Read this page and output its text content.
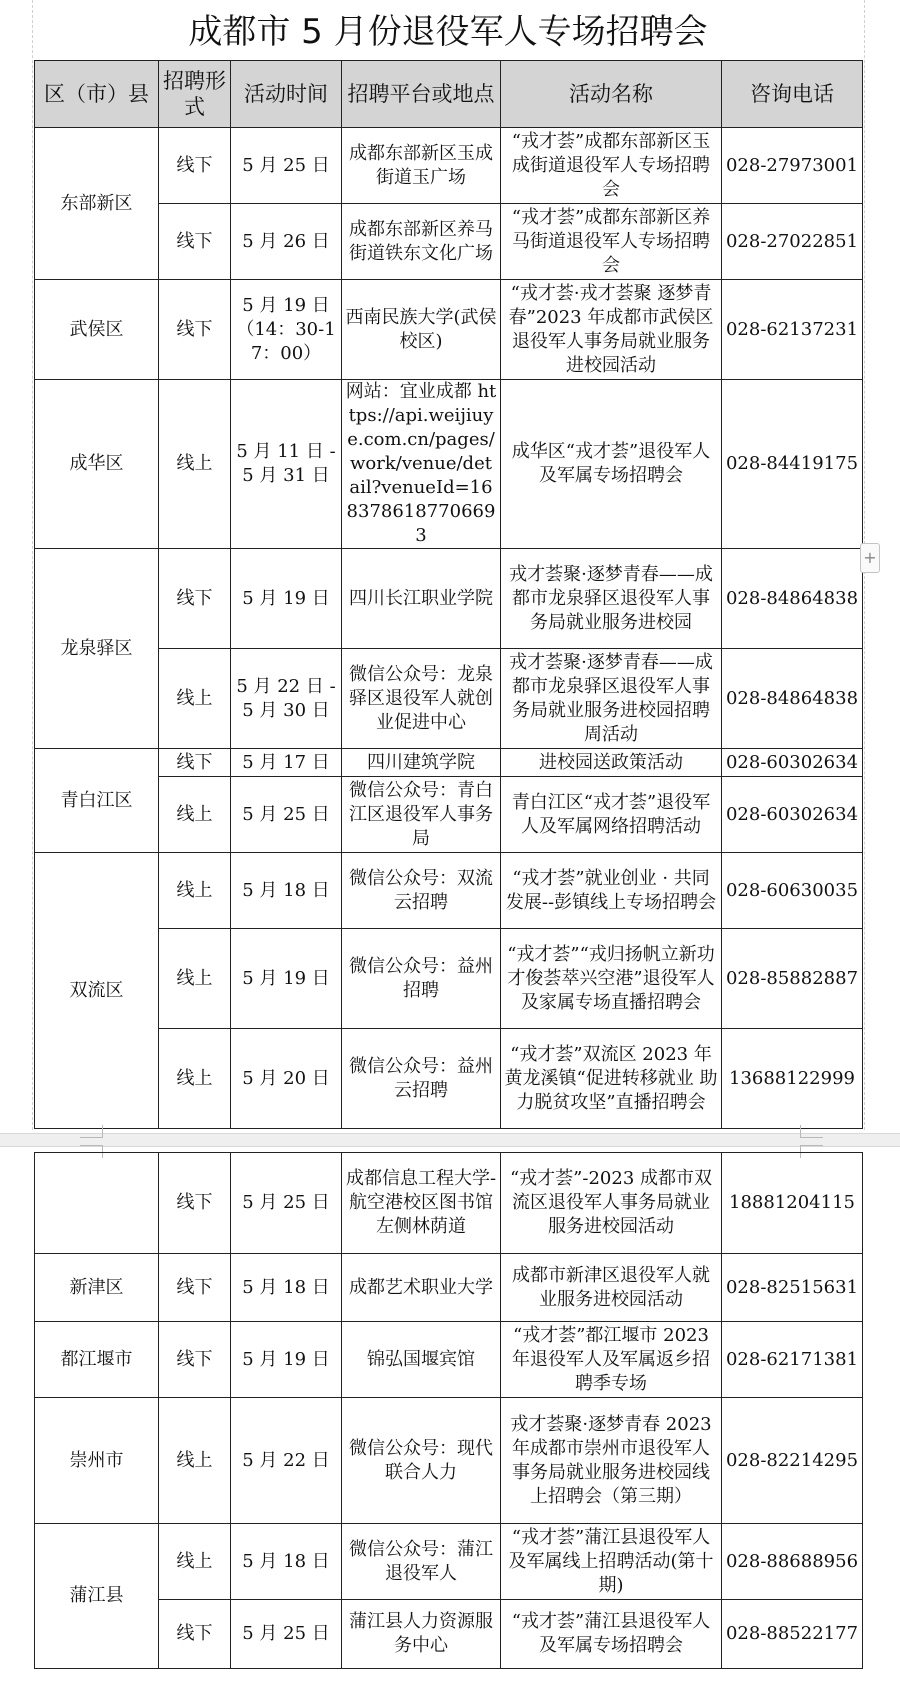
成都市 5 月份退役军人专场招聘会
区（市）县	招聘形式	活动时间	招聘平台或地点	活动名称	咨询电话
东部新区	线下	5 月 25 日	成都东部新区玉成街道玉广场	“戎才荟”成都东部新区玉成街道退役军人专场招聘会	028-27973001
	线下	5 月 26 日	成都东部新区养马街道铁东文化广场	“戎才荟”成都东部新区养马街道退役军人专场招聘会	028-27022851
武侯区	线下	5 月 19 日（14：30-17：00）	西南民族大学(武侯校区)	“戎才荟·戎才荟聚 逐梦青春”2023 年成都市武侯区退役军人事务局就业服务进校园活动	028-62137231
成华区	线上	5 月 11 日 -5 月 31 日	网站：宜业成都 https://api.weijiuye.com.cn/pages/work/venue/detail?venueId=1683786187706693	成华区“戎才荟”退役军人及军属专场招聘会	028-84419175
龙泉驿区	线下	5 月 19 日	四川长江职业学院	戎才荟聚·逐梦青春——成都市龙泉驿区退役军人事务局就业服务进校园	028-84864838
	线上	5 月 22 日 -5 月 30 日	微信公众号：龙泉驿区退役军人就创业促进中心	戎才荟聚·逐梦青春——成都市龙泉驿区退役军人事务局就业服务进校园招聘周活动	028-84864838
青白江区	线下	5 月 17 日	四川建筑学院	进校园送政策活动	028-60302634
	线上	5 月 25 日	微信公众号：青白江区退役军人事务局	青白江区“戎才荟”退役军人及军属网络招聘活动	028-60302634
双流区	线上	5 月 18 日	微信公众号：双流云招聘	“戎才荟”就业创业 · 共同发展--彭镇线上专场招聘会	028-60630035
	线上	5 月 19 日	微信公众号：益州招聘	“戎才荟”“戎归扬帆立新功　才俊荟萃兴空港”退役军人及家属专场直播招聘会	028-85882887
	线上	5 月 20 日	微信公众号：益州云招聘	“戎才荟”双流区 2023 年黄龙溪镇“促进转移就业 助力脱贫攻坚”直播招聘会	13688122999
	线下	5 月 25 日	成都信息工程大学-航空港校区图书馆左侧林荫道	“戎才荟”-2023 成都市双流区退役军人事务局就业服务进校园活动	18881204115
新津区	线下	5 月 18 日	成都艺术职业大学	成都市新津区退役军人就业服务进校园活动	028-82515631
都江堰市	线下	5 月 19 日	锦弘国堰宾馆	“戎才荟”都江堰市 2023 年退役军人及军属返乡招聘季专场	028-62171381
崇州市	线上	5 月 22 日	微信公众号：现代联合人力	戎才荟聚·逐梦青春 2023 年成都市崇州市退役军人事务局就业服务进校园线上招聘会（第三期）	028-82214295
蒲江县	线上	5 月 18 日	微信公众号：蒲江退役军人	“戎才荟”蒲江县退役军人及军属线上招聘活动(第十期)	028-88688956
	线下	5 月 25 日	蒲江县人力资源服务中心	“戎才荟”蒲江县退役军人及军属专场招聘会	028-88522177
+
